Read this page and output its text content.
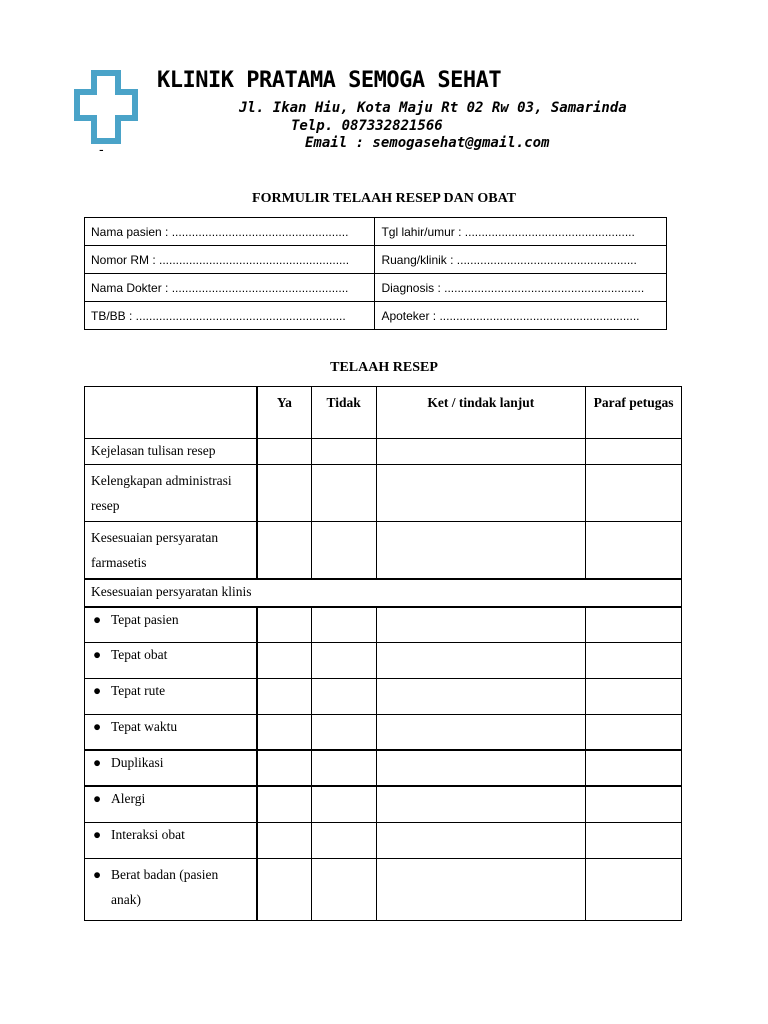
-
KLINIK PRATAMA SEMOGA SEHAT
Jl. Ikan Hiu, Kota Maju Rt 02 Rw 03, Samarinda
Telp. 087332821566
Email : semogasehat@gmail.com
FORMULIR TELAAH RESEP DAN OBAT
Nama pasien : .....................................................	Tgl lahir/umur : ...................................................
Nomor RM : .........................................................	Ruang/klinik : ......................................................
Nama Dokter : .....................................................	Diagnosis : ............................................................
TB/BB : ...............................................................	Apoteker : ............................................................
TELAAH RESEP
	Ya	Tidak	Ket / tindak lanjut	Paraf petugas
Kejelasan tulisan resep				
Kelengkapan administrasi resep				
Kesesuaian persyaratan farmasetis				
Kesesuaian persyaratan klinis				
● Tepat pasien				
● Tepat obat				
● Tepat rute				
● Tepat waktu				
● Duplikasi				
● Alergi				
● Interaksi obat				

● Berat badan (pasien anak)				
